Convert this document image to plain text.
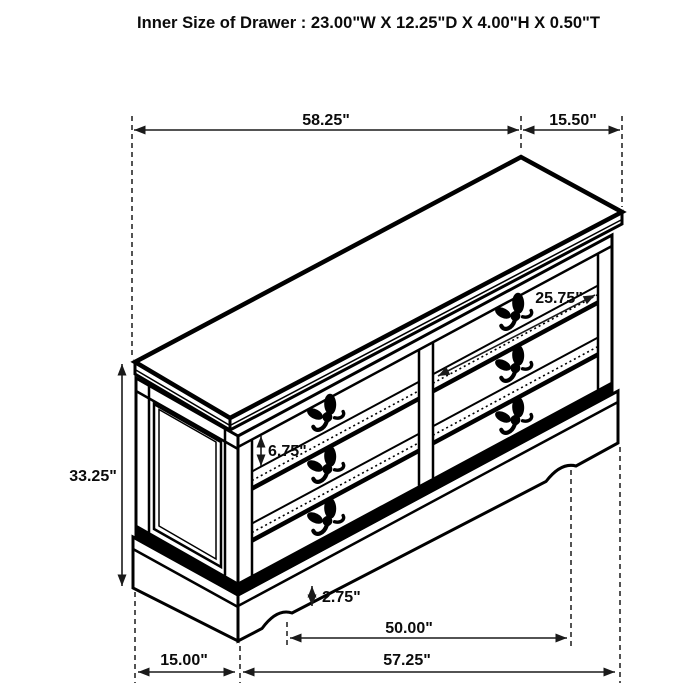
58.25"	15.50"
33.25"
6.75"
25.75"
2.75"
50.00"
15.00"	57.25"
Inner Size of Drawer : 23.00"W X 12.25"D X 4.00"H X 0.50"T
